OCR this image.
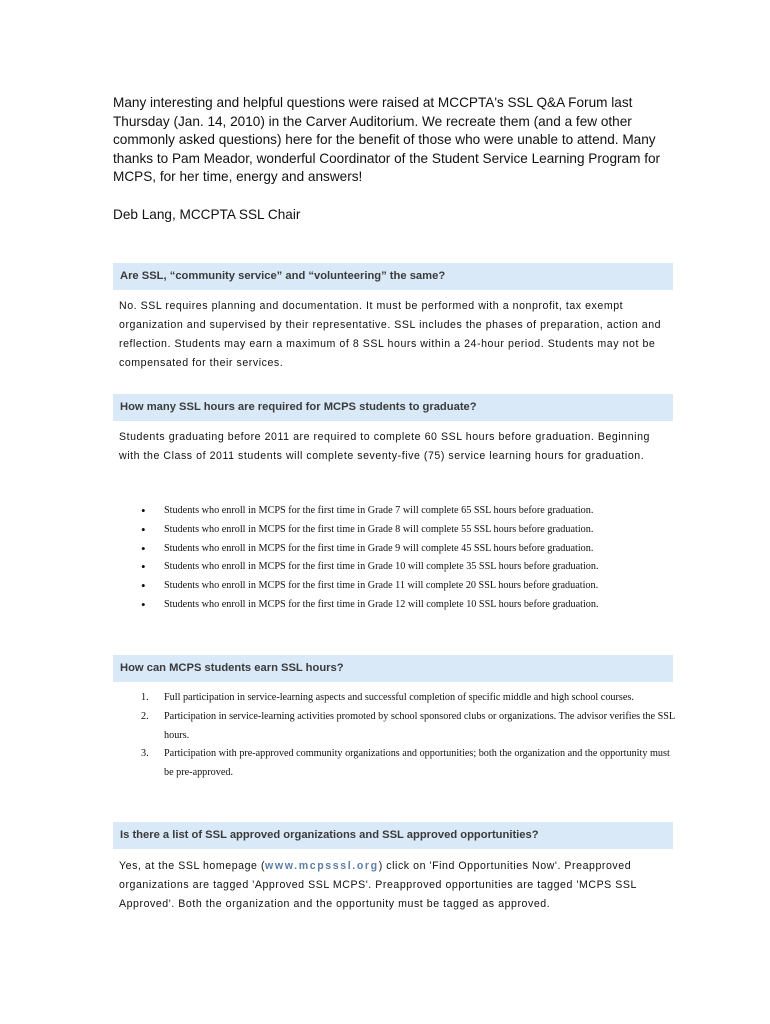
Many interesting and helpful questions were raised at MCCPTA's SSL Q&A Forum last Thursday (Jan. 14, 2010) in the Carver Auditorium. We recreate them (and a few other commonly asked questions) here for the benefit of those who were unable to attend. Many thanks to Pam Meador, wonderful Coordinator of the Student Service Learning Program for MCPS, for her time, energy and answers!

Deb Lang, MCCPTA SSL Chair

Are SSL, “community service” and “volunteering” the same?

No. SSL requires planning and documentation. It must be performed with a nonprofit, tax exempt organization and supervised by their representative. SSL includes the phases of preparation, action and reflection. Students may earn a maximum of 8 SSL hours within a 24-hour period. Students may not be compensated for their services.

How many SSL hours are required for MCPS students to graduate?

Students graduating before 2011 are required to complete 60 SSL hours before graduation. Beginning with the Class of 2011 students will complete seventy-five (75) service learning hours for graduation.

• Students who enroll in MCPS for the first time in Grade 7 will complete 65 SSL hours before graduation.
• Students who enroll in MCPS for the first time in Grade 8 will complete 55 SSL hours before graduation.
• Students who enroll in MCPS for the first time in Grade 9 will complete 45 SSL hours before graduation.
• Students who enroll in MCPS for the first time in Grade 10 will complete 35 SSL hours before graduation.
• Students who enroll in MCPS for the first time in Grade 11 will complete 20 SSL hours before graduation.
• Students who enroll in MCPS for the first time in Grade 12 will complete 10 SSL hours before graduation.
How can MCPS students earn SSL hours?
1. Full participation in service-learning aspects and successful completion of specific middle and high school courses.
2. Participation in service-learning activities promoted by school sponsored clubs or organizations. The advisor verifies the SSL hours.
3. Participation with pre-approved community organizations and opportunities; both the organization and the opportunity must be pre-approved.
Is there a list of SSL approved organizations and SSL approved opportunities?

Yes, at the SSL homepage (www.mcpsssl.org) click on 'Find Opportunities Now'. Preapproved organizations are tagged 'Approved SSL MCPS'. Preapproved opportunities are tagged 'MCPS SSL Approved'. Both the organization and the opportunity must be tagged as approved.
